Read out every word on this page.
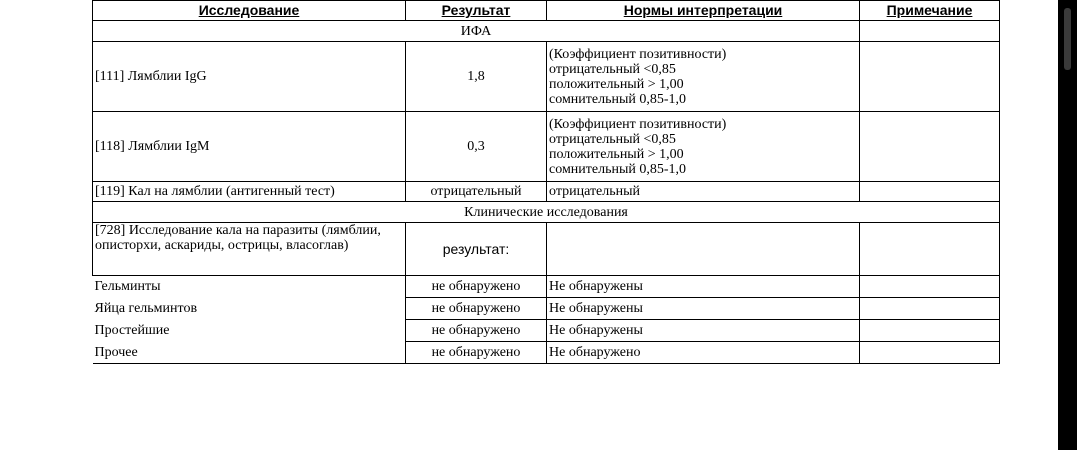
Исследование	Результат	Нормы интерпретации	Примечание
ИФА			
[111] Лямблии IgG	1,8	(Коэффициент позитивности)
отрицательный <0,85
положительный > 1,00
сомнительный 0,85-1,0	

[118] Лямблии IgM	0,3	(Коэффициент позитивности)
отрицательный <0,85
положительный > 1,00
сомнительный 0,85-1,0	

[119] Кал на лямблии (антигенный тест)	отрицательный	отрицательный	
Клинические исследования			
[728] Исследование кала на паразиты (лямблии, описторхи, аскариды, острицы, власоглав)	результат:		
Гельминты	не обнаружено	Не обнаружены	
Яйца гельминтов	не обнаружено	Не обнаружены	
Простейшие	не обнаружено	Не обнаружены	
Прочее	не обнаружено	Не обнаружено	
